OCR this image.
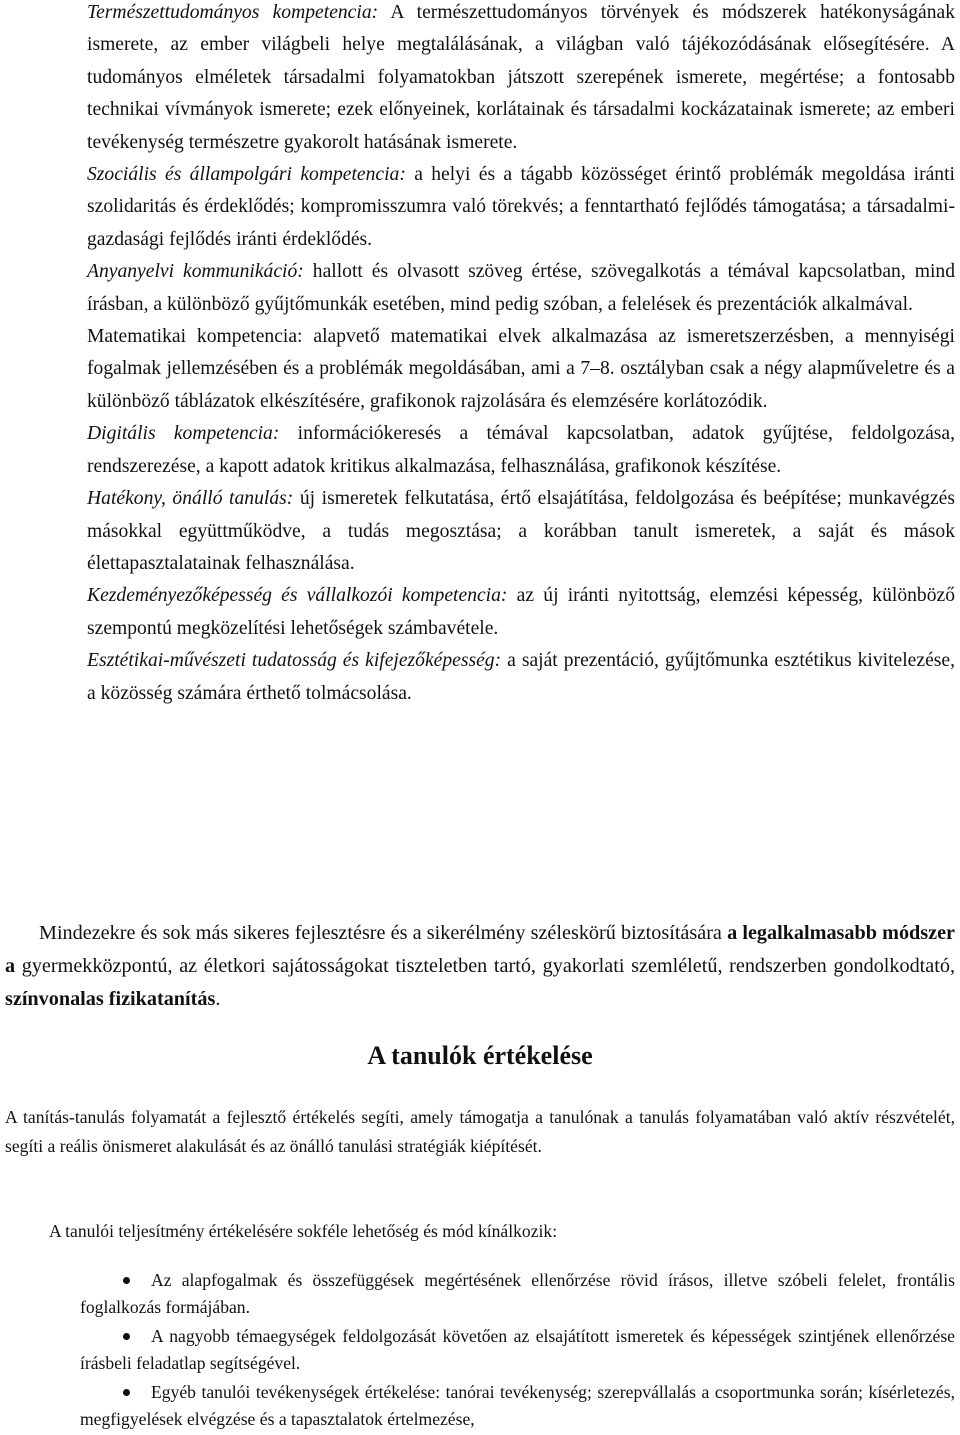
Természettudományos kompetencia: A természettudományos törvények és módszerek hatékonyságának ismerete, az ember világbeli helye megtalálásának, a világban való tájékozódásának elősegítésére. A tudományos elméletek társadalmi folyamatokban játszott szerepének ismerete, megértése; a fontosabb technikai vívmányok ismerete; ezek előnyeinek, korlátainak és társadalmi kockázatainak ismerete; az emberi tevékenység természetre gyakorolt hatásának ismerete.

Szociális és állampolgári kompetencia: a helyi és a tágabb közösséget érintő problémák megoldása iránti szolidaritás és érdeklődés; kompromisszumra való törekvés; a fenntartható fejlődés támogatása; a társadalmi-gazdasági fejlődés iránti érdeklődés.

Anyanyelvi kommunikáció: hallott és olvasott szöveg értése, szövegalkotás a témával kapcsolatban, mind írásban, a különböző gyűjtőmunkák esetében, mind pedig szóban, a felelések és prezentációk alkalmával.

Matematikai kompetencia: alapvető matematikai elvek alkalmazása az ismeretszerzésben, a mennyiségi fogalmak jellemzésében és a problémák megoldásában, ami a 7–8. osztályban csak a négy alapműveletre és a különböző táblázatok elkészítésére, grafikonok rajzolására és elemzésére korlátozódik.

Digitális kompetencia: információkeresés a témával kapcsolatban, adatok gyűjtése, feldolgozása, rendszerezése, a kapott adatok kritikus alkalmazása, felhasználása, grafikonok készítése.

Hatékony, önálló tanulás: új ismeretek felkutatása, értő elsajátítása, feldolgozása és beépítése; munkavégzés másokkal együttműködve, a tudás megosztása; a korábban tanult ismeretek, a saját és mások élettapasztalatainak felhasználása.

Kezdeményezőképesség és vállalkozói kompetencia: az új iránti nyitottság, elemzési képesség, különböző szempontú megközelítési lehetőségek számbavétele.

Esztétikai-művészeti tudatosság és kifejezőképesség: a saját prezentáció, gyűjtőmunka esztétikus kivitelezése, a közösség számára érthető tolmácsolása.

Mindezekre és sok más sikeres fejlesztésre és a sikerélmény széleskörű biztosítására a legalkalmasabb módszer a gyermekközpontú, az életkori sajátosságokat tiszteletben tartó, gyakorlati szemléletű, rendszerben gondolkodtató, színvonalas fizikatanítás.

A tanulók értékelése

A tanítás-tanulás folyamatát a fejlesztő értékelés segíti, amely támogatja a tanulónak a tanulás folyamatában való aktív részvételét, segíti a reális önismeret alakulását és az önálló tanulási stratégiák kiépítését.

A tanulói teljesítmény értékelésére sokféle lehetőség és mód kínálkozik:

Az alapfogalmak és összefüggések megértésének ellenőrzése rövid írásos, illetve szóbeli felelet, frontális foglalkozás formájában.
A nagyobb témaegységek feldolgozását követően az elsajátított ismeretek és képességek szintjének ellenőrzése írásbeli feladatlap segítségével.
Egyéb tanulói tevékenységek értékelése: tanórai tevékenység; szerepvállalás a csoportmunka során; kísérletezés, megfigyelések elvégzése és a tapasztalatok értelmezése,
